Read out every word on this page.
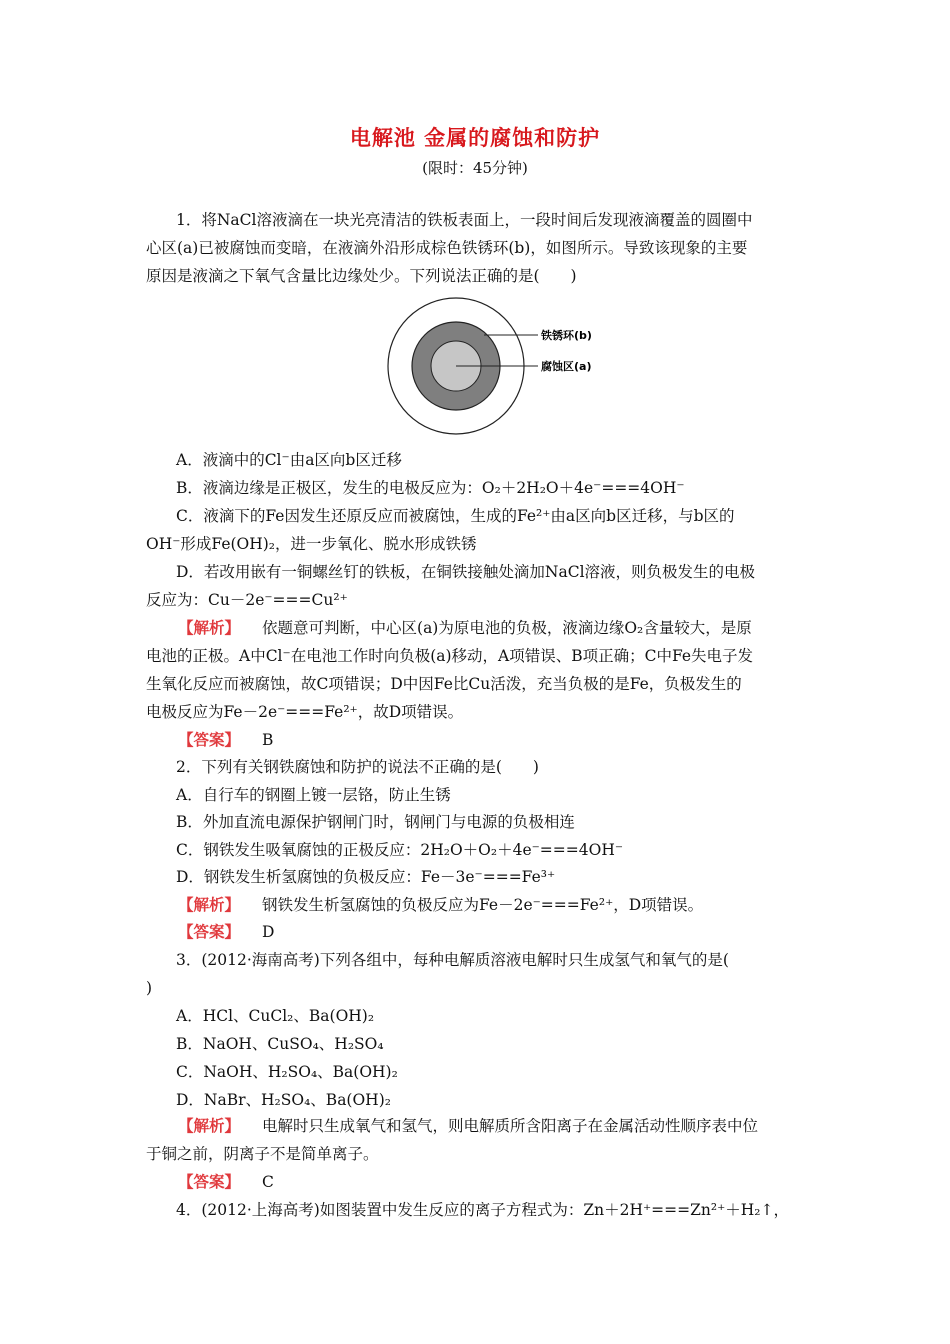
电解池 金属的腐蚀和防护
(限时：45分钟)
1．将NaCl溶液滴在一块光亮清洁的铁板表面上，一段时间后发现液滴覆盖的圆圈中
心区(a)已被腐蚀而变暗，在液滴外沿形成棕色铁锈环(b)，如图所示。导致该现象的主要
原因是液滴之下氧气含量比边缘处少。下列说法正确的是(　　)
铁锈环(b)
腐蚀区(a)
A．液滴中的Cl⁻由a区向b区迁移
B．液滴边缘是正极区，发生的电极反应为：O₂＋2H₂O＋4e⁻===4OH⁻
C．液滴下的Fe因发生还原反应而被腐蚀，生成的Fe²⁺由a区向b区迁移，与b区的
OH⁻形成Fe(OH)₂，进一步氧化、脱水形成铁锈
D．若改用嵌有一铜螺丝钉的铁板，在铜铁接触处滴加NaCl溶液，则负极发生的电极
反应为：Cu－2e⁻===Cu²⁺
【解析】 依题意可判断，中心区(a)为原电池的负极，液滴边缘O₂含量较大，是原
电池的正极。A中Cl⁻在电池工作时向负极(a)移动，A项错误、B项正确；C中Fe失电子发
生氧化反应而被腐蚀，故C项错误；D中因Fe比Cu活泼，充当负极的是Fe，负极发生的
电极反应为Fe－2e⁻===Fe²⁺，故D项错误。
【答案】 B
2．下列有关钢铁腐蚀和防护的说法不正确的是(　　)
A．自行车的钢圈上镀一层铬，防止生锈
B．外加直流电源保护钢闸门时，钢闸门与电源的负极相连
C．钢铁发生吸氧腐蚀的正极反应：2H₂O＋O₂＋4e⁻===4OH⁻
D．钢铁发生析氢腐蚀的负极反应：Fe－3e⁻===Fe³⁺
【解析】 钢铁发生析氢腐蚀的负极反应为Fe－2e⁻===Fe²⁺，D项错误。
【答案】 D
3．(2012·海南高考)下列各组中，每种电解质溶液电解时只生成氢气和氧气的是(
)
A．HCl、CuCl₂、Ba(OH)₂
B．NaOH、CuSO₄、H₂SO₄
C．NaOH、H₂SO₄、Ba(OH)₂
D．NaBr、H₂SO₄、Ba(OH)₂
【解析】 电解时只生成氧气和氢气，则电解质所含阳离子在金属活动性顺序表中位
于铜之前，阴离子不是简单离子。
【答案】 C
4．(2012·上海高考)如图装置中发生反应的离子方程式为：Zn＋2H⁺===Zn²⁺＋H₂↑，
